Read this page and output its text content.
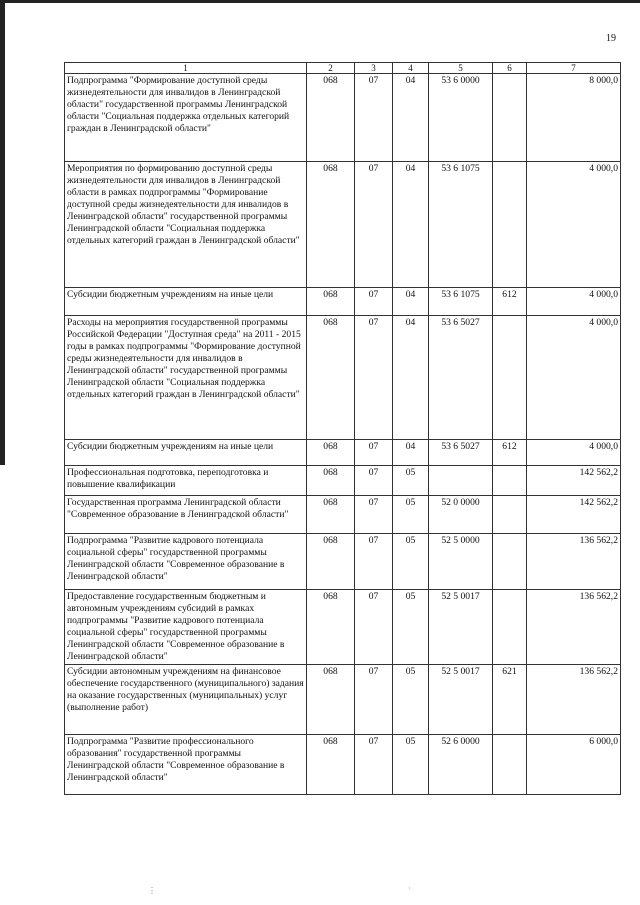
19
1	2	3	4	5	6	7
Подпрограмма "Формирование доступной среды жизнедеятельности для инвалидов в Ленинградской области" государственной программы Ленинградской области "Социальная поддержка отдельных категорий граждан в Ленинградской области"	068	07	04	53 6 0000		8 000,0
Мероприятия по формированию доступной среды жизнедеятельности для инвалидов в Ленинградской области в рамках подпрограммы "Формирование доступной среды жизнедеятельности для инвалидов в Ленинградской области" государственной программы Ленинградской области "Социальная поддержка отдельных категорий граждан в Ленинградской области"	068	07	04	53 6 1075		4 000,0
Субсидии бюджетным учреждениям на иные цели	068	07	04	53 6 1075	612	4 000,0
Расходы на мероприятия государственной программы Российской Федерации "Доступная среда" на 2011 - 2015 годы в рамках подпрограммы "Формирование доступной среды жизнедеятельности для инвалидов в Ленинградской области" государственной программы Ленинградской области "Социальная поддержка отдельных категорий граждан в Ленинградской области"	068	07	04	53 6 5027		4 000,0
Субсидии бюджетным учреждениям на иные цели	068	07	04	53 6 5027	612	4 000,0
Профессиональная подготовка, переподготовка и повышение квалификации	068	07	05			142 562,2
Государственная программа Ленинградской области "Современное образование в Ленинградской области"	068	07	05	52 0 0000		142 562,2
Подпрограмма "Развитие кадрового потенциала социальной сферы" государственной программы Ленинградской области "Современное образование в Ленинградской области"	068	07	05	52 5 0000		136 562,2
Предоставление государственным бюджетным и автономным учреждениям субсидий в рамках подпрограммы "Развитие кадрового потенциала социальной сферы" государственной программы Ленинградской области "Современное образование в Ленинградской области"	068	07	05	52 5 0017		136 562,2
Субсидии автономным учреждениям на финансовое обеспечение государственного (муниципального) задания на оказание государственных (муниципальных) услуг (выполнение работ)	068	07	05	52 5 0017	621	136 562,2
Подпрограмма "Развитие профессионального образования" государственной программы Ленинградской области "Современное образование в Ленинградской области"	068	07	05	52 6 0000		6 000,0
⋮	·
